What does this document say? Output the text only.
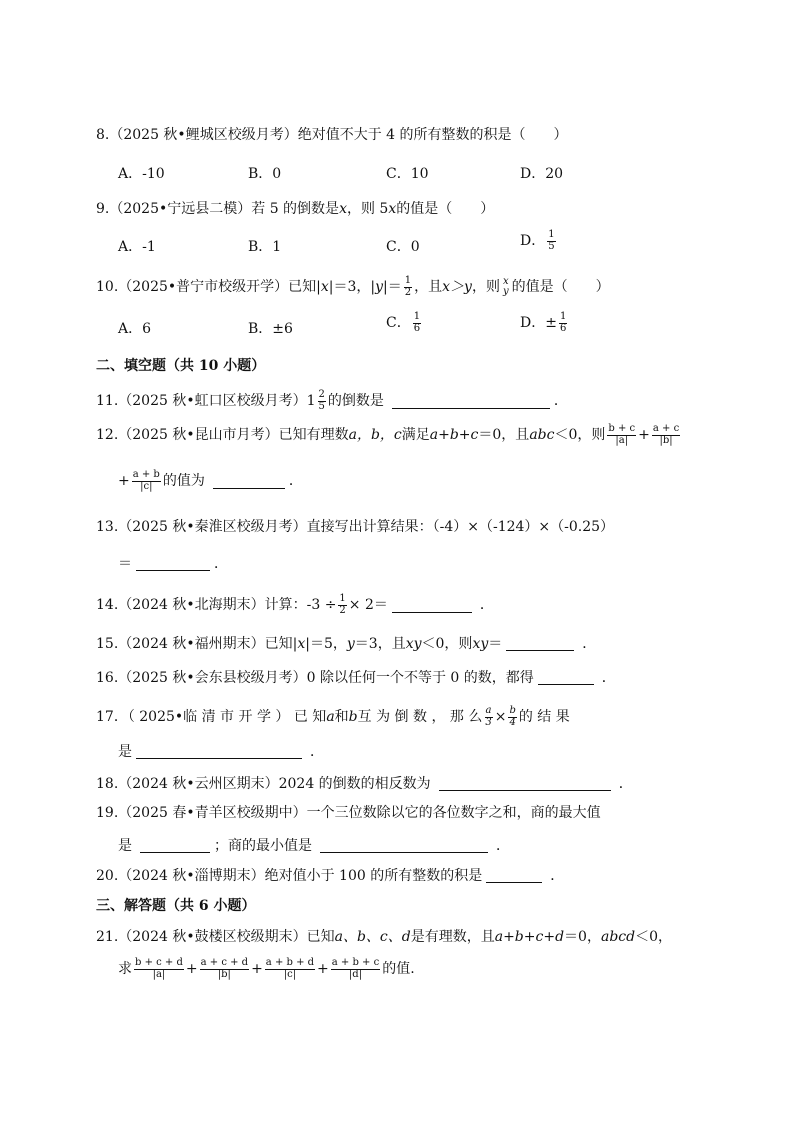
8.（2025 秋•鲤城区校级月考）绝对值不大于 4 的所有整数的积是（　　）
A．-10	B．0	C．10	D．20
9.（2025•宁远县二模）若 5 的倒数是 x ，则 5 x 的值是（　　）
A．-1	B．1	C．0	D． $\frac{1}{5}$
10.（2025•普宁市校级开学）已知| x |＝3，| y |＝ $\frac{1}{2}$ ，且 x＞y ，则 x
y 的值是（　　）
A．6	B．±6	C． $\frac{1}{6}$	D．± $\frac{1}{6}$
二、填空题（共 10 小题）
11.（2025 秋•虹口区校级月考） $1 \frac{2}{5}$ 的倒数是	．
12.（2025 秋•昆山市月考）已知有理数 a，b，c 满足 a+b+c ＝0，且 abc ＜0，则 $\frac{b + c}{|a|} + \frac{a + c}{|b|}$
+ $\frac{a + b}{|c|}$ 的值为	．
13.（2025 秋•秦淮区校级月考）直接写出计算结果：（-4）×（-124）×（-0.25）
＝	．
14.（2024 秋•北海期末）计算：$-3 \div \frac{1}{2} \times 2=$	．
15.（2024 秋•福州期末）已知| x |＝5， y ＝3，且 xy ＜0，则 xy ＝	．
16.（2025 秋•会东县校级月考）0 除以任何一个不等于 0 的数，都得	．
17．（ 2025•临 清 市 开 学 ） 已 知 a 和 b 互 为 倒 数 ， 那 么 $\frac{a}{3} \times \frac{b}{4}$ 的 结 果
是	．
18.（2024 秋•云州区期末）2024 的倒数的相反数为	．
19.（2025 春•青羊区校级期中）一个三位数除以它的各位数字之和，商的最大值
是	；商的最小值是	．
20.（2024 秋•淄博期末）绝对值小于 100 的所有整数的积是	．
三、解答题（共 6 小题）
21.（2024 秋•鼓楼区校级期末）已知 a、b、c、d 是有理数，且 a+b+c+d ＝0， abcd ＜0，
求 $\frac{b + c + d}{|a|} + \frac{a + c + d}{|b|} + \frac{a + b + d}{|c|} + \frac{a + b + c}{|d|}$ 的值.
